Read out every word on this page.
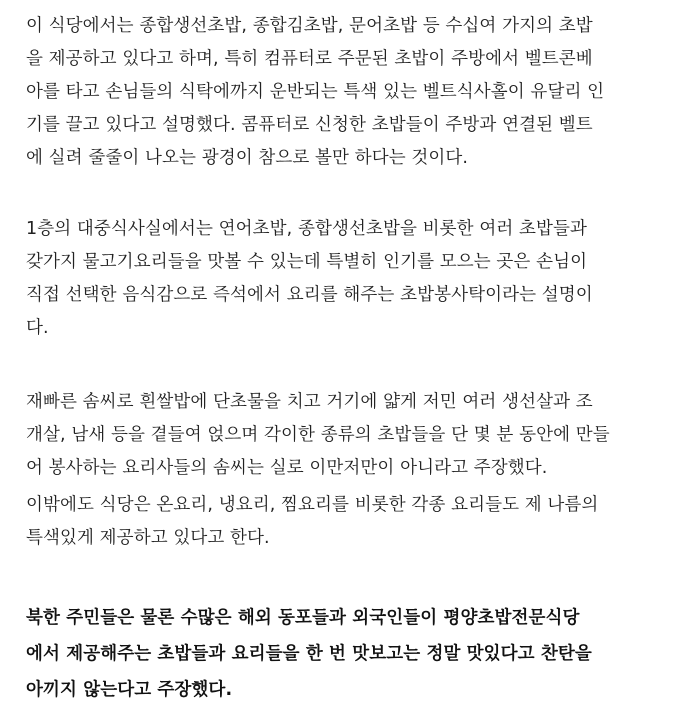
이 식당에서는 종합생선초밥, 종합김초밥, 문어초밥 등 수십여 가지의 초밥
을 제공하고 있다고 하며, 특히 컴퓨터로 주문된 초밥이 주방에서 벨트콘베
아를 타고 손님들의 식탁에까지 운반되는 특색 있는 벨트식사홀이 유달리 인
기를 끌고 있다고 설명했다. 콤퓨터로 신청한 초밥들이 주방과 연결된 벨트
에 실려 줄줄이 나오는 광경이 참으로 볼만 하다는 것이다.

1층의 대중식사실에서는 연어초밥, 종합생선초밥을 비롯한 여러 초밥들과
갖가지 물고기요리들을 맛볼 수 있는데 특별히 인기를 모으는 곳은 손님이
직접 선택한 음식감으로 즉석에서 요리를 해주는 초밥봉사탁이라는 설명이
다.

재빠른 솜씨로 흰쌀밥에 단초물을 치고 거기에 얇게 저민 여러 생선살과 조
개살, 남새 등을 곁들여 얹으며 각이한 종류의 초밥들을 단 몇 분 동안에 만들
어 봉사하는 요리사들의 솜씨는 실로 이만저만이 아니라고 주장했다.

이밖에도 식당은 온요리, 냉요리, 찜요리를 비롯한 각종 요리들도 제 나름의
특색있게 제공하고 있다고 한다.

북한 주민들은 물론 수많은 해외 동포들과 외국인들이 평양초밥전문식당
에서 제공해주는 초밥들과 요리들을 한 번 맛보고는 정말 맛있다고 찬탄을
아끼지 않는다고 주장했다.
